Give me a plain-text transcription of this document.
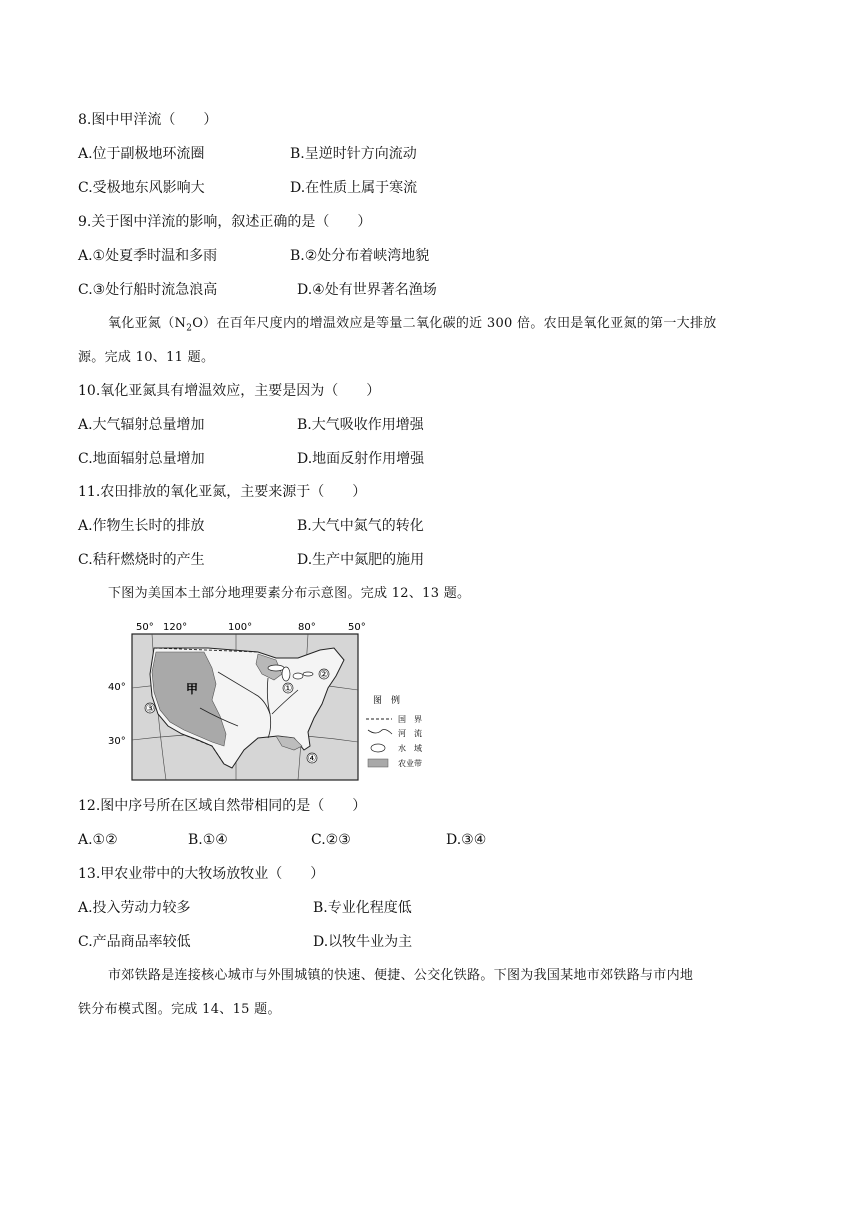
8.图中甲洋流（　　）
A.位于副极地环流圈	B.呈逆时针方向流动
C.受极地东风影响大	D.在性质上属于寒流
9.关于图中洋流的影响，叙述正确的是（　　）
A.①处夏季时温和多雨	B.②处分布着峡湾地貌
C.③处行船时流急浪高	D.④处有世界著名渔场
氧化亚氮$(N_2O)$在百年尺度内的增温效应是等量二氧化碳的近 300 倍。农田是氧化亚氮的第一大排放
源。完成 10、11 题。
10.氧化亚氮具有增温效应，主要是因为（　　）
A.大气辐射总量增加	B.大气吸收作用增强
C.地面辐射总量增加	D.地面反射作用增强
11.农田排放的氧化亚氮，主要来源于（　　）
A.作物生长时的排放	B.大气中氮气的转化
C.秸秆燃烧时的产生	D.生产中氮肥的施用
下图为美国本土部分地理要素分布示意图。完成 12、13 题。
50° 120°	100°	80°	50°
40°
30°
甲	①
②
③
④
图　例
国　界
河　流
水　域
农业带
12.图中序号所在区域自然带相同的是（　　）
A.①②	B.①④	C.②③	D.③④
13.甲农业带中的大牧场放牧业（　　）
A.投入劳动力较多	B.专业化程度低
C.产品商品率较低	D.以牧牛业为主
市郊铁路是连接核心城市与外围城镇的快速、便捷、公交化铁路。下图为我国某地市郊铁路与市内地
铁分布模式图。完成 14、15 题。
